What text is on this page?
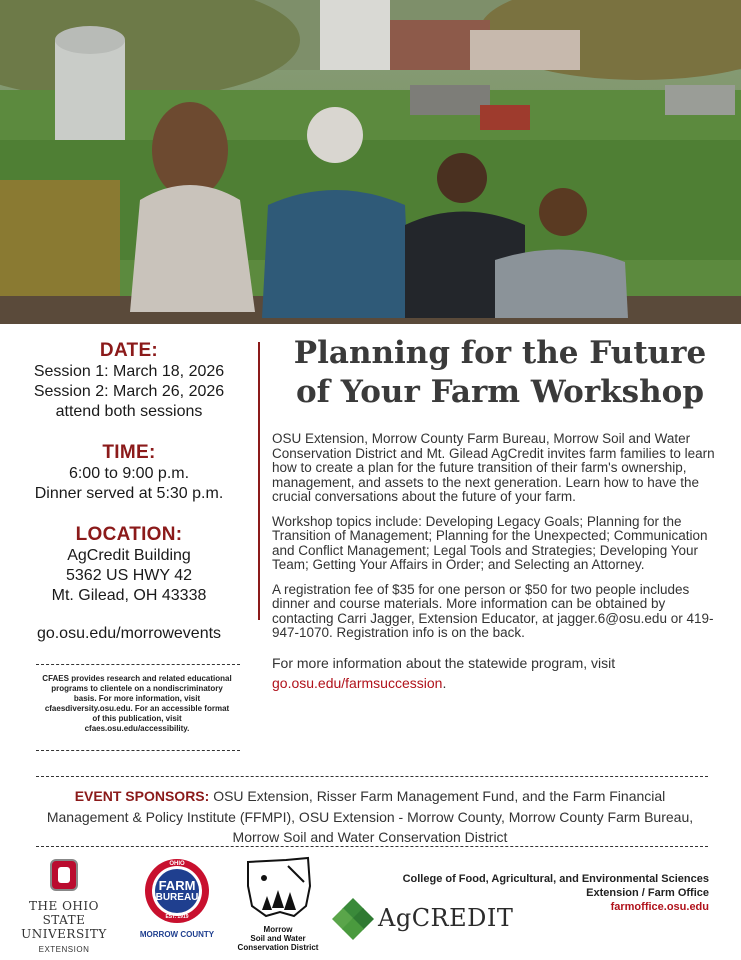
DATE:
Session 1: March 18, 2026
Session 2: March 26, 2026
attend both sessions
TIME:
6:00 to 9:00 p.m.
Dinner served at 5:30 p.m.
LOCATION:
AgCredit Building
5362 US HWY 42
Mt. Gilead, OH 43338
go.osu.edu/morrowevents
CFAES provides research and related educational programs to clientele on a nondiscriminatory basis. For more information, visit cfaesdiversity.osu.edu. For an accessible format of this publication, visit cfaes.osu.edu/accessibility.
Planning for the Future
of Your Farm Workshop

OSU Extension, Morrow County Farm Bureau, Morrow Soil and Water Conservation District and Mt. Gilead AgCredit invites farm families to learn how to create a plan for the future transition of their farm's ownership, management, and assets to the next generation. Learn how to have the crucial conversations about the future of your farm.

Workshop topics include: Developing Legacy Goals; Planning for the Transition of Management; Planning for the Unexpected; Communication and Conflict Management; Legal Tools and Strategies; Developing Your Team; Getting Your Affairs in Order; and Selecting an Attorney.

A registration fee of $35 for one person or $50 for two people includes dinner and course materials. More information can be obtained by contacting Carri Jagger, Extension Educator, at jagger.6@osu.edu or 419-947-1070. Registration info is on the back.

For more information about the statewide program, visit
go.osu.edu/farmsuccession.

EVENT SPONSORS: OSU Extension, Risser Farm Management Fund, and the Farm Financial Management & Policy Institute (FFMPI), OSU Extension - Morrow County, Morrow County Farm Bureau, Morrow Soil and Water Conservation District
THE OHIO STATE
UNIVERSITY
EXTENSION
OHIO
FARM
BUREAU
EST. 1919
MORROW COUNTY
Morrow
Soil and Water
Conservation District
AgCREDIT
College of Food, Agricultural, and Environmental Sciences
Extension / Farm Office
farmoffice.osu.edu
